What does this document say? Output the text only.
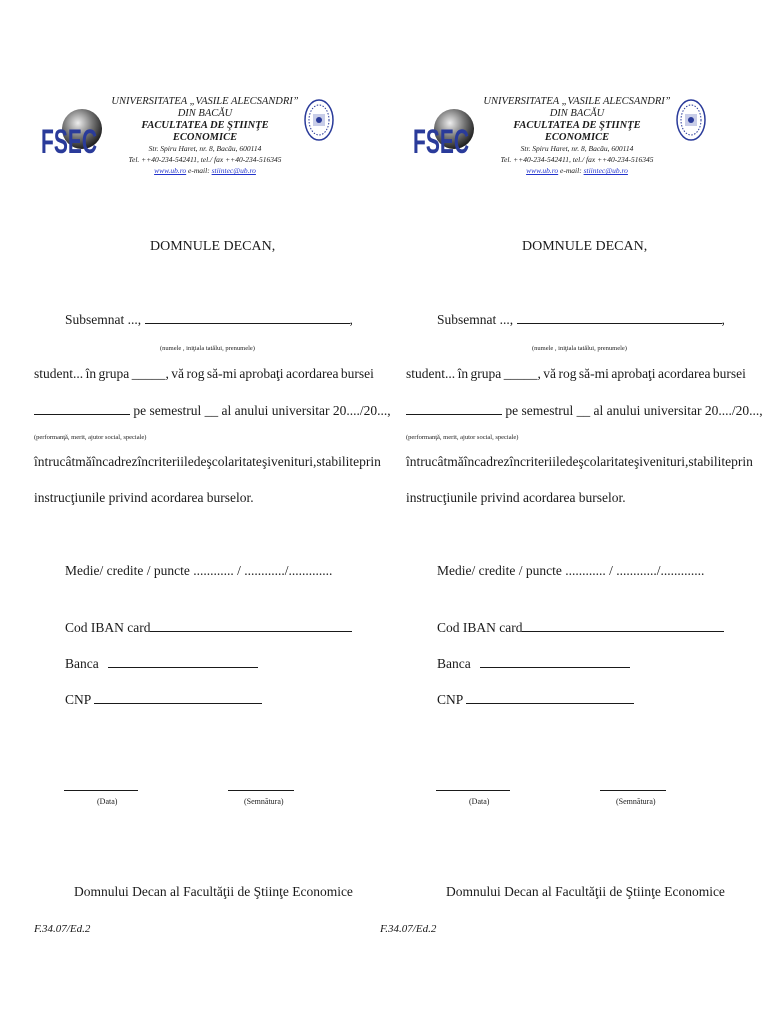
FSEC
UNIVERSITATEA „VASILE ALECSANDRI” DIN BACĂU
FACULTATEA DE ŞTIINŢE ECONOMICE
Str. Spiru Haret, nr. 8, Bacău, 600114
Tel. ++40-234-542411, tel./ fax ++40-234-516345
www.ub.ro e-mail: stiintec@ub.ro
DOMNULE DECAN,
Subsemnat ...,	,
(numele , iniţiala tatălui, prenumele)
student... în grupa _____, vă rog să-mi aprobaţi acordarea bursei
pe semestrul __ al anului universitar 20..../20...,
(performanţă, merit, ajutor social, speciale)
întrucât mă încadrez în criteriile de şcolaritate şi venituri, stabilite prin
instrucţiunile privind acordarea burselor.
Medie/ credite / puncte ............ / ............/.............
Cod IBAN card
Banca
CNP
(Data)	(Semnătura)
Domnului Decan al Facultăţii de Ştiinţe Economice
F.34.07/Ed.2
FSEC
UNIVERSITATEA „VASILE ALECSANDRI” DIN BACĂU
FACULTATEA DE ŞTIINŢE ECONOMICE
Str. Spiru Haret, nr. 8, Bacău, 600114
Tel. ++40-234-542411, tel./ fax ++40-234-516345
www.ub.ro e-mail: stiintec@ub.ro
DOMNULE DECAN,
Subsemnat ...,	,
(numele , iniţiala tatălui, prenumele)
student... în grupa _____, vă rog să-mi aprobaţi acordarea bursei
pe semestrul __ al anului universitar 20..../20...,
(performanţă, merit, ajutor social, speciale)
întrucât mă încadrez în criteriile de şcolaritate şi venituri, stabilite prin
instrucţiunile privind acordarea burselor.
Medie/ credite / puncte ............ / ............/.............
Cod IBAN card
Banca
CNP
(Data)	(Semnătura)
Domnului Decan al Facultăţii de Ştiinţe Economice
F.34.07/Ed.2
